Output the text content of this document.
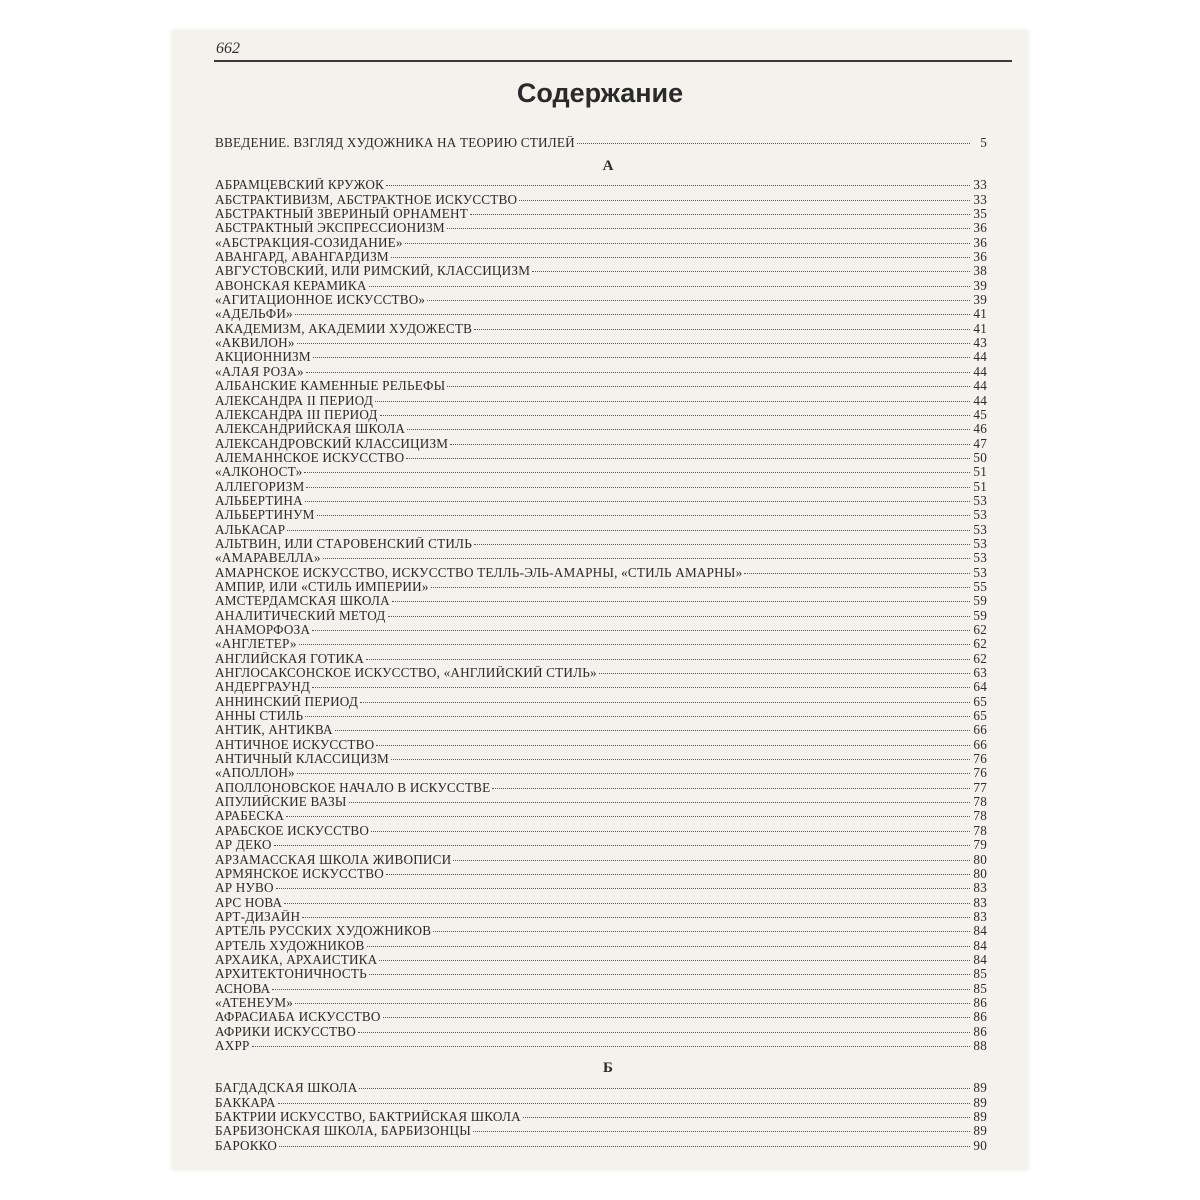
662
Содержание
ВВЕДЕНИЕ. ВЗГЛЯД ХУДОЖНИКА НА ТЕОРИЮ СТИЛЕЙ	5
А
АБРАМЦЕВСКИЙ КРУЖОК	33
АБСТРАКТИВИЗМ, АБСТРАКТНОЕ ИСКУССТВО	33
АБСТРАКТНЫЙ ЗВЕРИНЫЙ ОРНАМЕНТ	35
АБСТРАКТНЫЙ ЭКСПРЕССИОНИЗМ	36
«АБСТРАКЦИЯ-СОЗИДАНИЕ»	36
АВАНГАРД, АВАНГАРДИЗМ	36
АВГУСТОВСКИЙ, ИЛИ РИМСКИЙ, КЛАССИЦИЗМ	38
АВОНСКАЯ КЕРАМИКА	39
«АГИТАЦИОННОЕ ИСКУССТВО»	39
«АДЕЛЬФИ»	41
АКАДЕМИЗМ, АКАДЕМИИ ХУДОЖЕСТВ	41
«АКВИЛОН»	43
АКЦИОННИЗМ	44
«АЛАЯ РОЗА»	44
АЛБАНСКИЕ КАМЕННЫЕ РЕЛЬЕФЫ	44
АЛЕКСАНДРА II ПЕРИОД	44
АЛЕКСАНДРА III ПЕРИОД	45
АЛЕКСАНДРИЙСКАЯ ШКОЛА	46
АЛЕКСАНДРОВСКИЙ КЛАССИЦИЗМ	47
АЛЕМАННСКОЕ ИСКУССТВО	50
«АЛКОНОСТ»	51
АЛЛЕГОРИЗМ	51
АЛЬБЕРТИНА	53
АЛЬБЕРТИНУМ	53
АЛЬКАСАР	53
АЛЬТВИН, ИЛИ СТАРОВЕНСКИЙ СТИЛЬ	53
«АМАРАВЕЛЛА»	53
АМАРНСКОЕ ИСКУССТВО, ИСКУССТВО ТЕЛЛЬ-ЭЛЬ-АМАРНЫ, «СТИЛЬ АМАРНЫ»	53
АМПИР, ИЛИ «СТИЛЬ ИМПЕРИИ»	55
АМСТЕРДАМСКАЯ ШКОЛА	59
АНАЛИТИЧЕСКИЙ МЕТОД	59
АНАМОРФОЗА	62
«АНГЛЕТЕР»	62
АНГЛИЙСКАЯ ГОТИКА	62
АНГЛОСАКСОНСКОЕ ИСКУССТВО, «АНГЛИЙСКИЙ СТИЛЬ»	63
АНДЕРГРАУНД	64
АННИНСКИЙ ПЕРИОД	65
АННЫ СТИЛЬ	65
АНТИК, АНТИКВА	66
АНТИЧНОЕ ИСКУССТВО	66
АНТИЧНЫЙ КЛАССИЦИЗМ	76
«АПОЛЛОН»	76
АПОЛЛОНОВСКОЕ НАЧАЛО В ИСКУССТВЕ	77
АПУЛИЙСКИЕ ВАЗЫ	78
АРАБЕСКА	78
АРАБСКОЕ ИСКУССТВО	78
АР ДЕКО	79
АРЗАМАССКАЯ ШКОЛА ЖИВОПИСИ	80
АРМЯНСКОЕ ИСКУССТВО	80
АР НУВО	83
АРС НОВА	83
АРТ-ДИЗАЙН	83
АРТЕЛЬ РУССКИХ ХУДОЖНИКОВ	84
АРТЕЛЬ ХУДОЖНИКОВ	84
АРХАИКА, АРХАИСТИКА	84
АРХИТЕКТОНИЧНОСТЬ	85
АСНОВА	85
«АТЕНЕУМ»	86
АФРАСИАБА ИСКУССТВО	86
АФРИКИ ИСКУССТВО	86
АХРР	88
Б
БАГДАДСКАЯ ШКОЛА	89
БАККАРА	89
БАКТРИИ ИСКУССТВО, БАКТРИЙСКАЯ ШКОЛА	89
БАРБИЗОНСКАЯ ШКОЛА, БАРБИЗОНЦЫ	89
БАРОККО	90
